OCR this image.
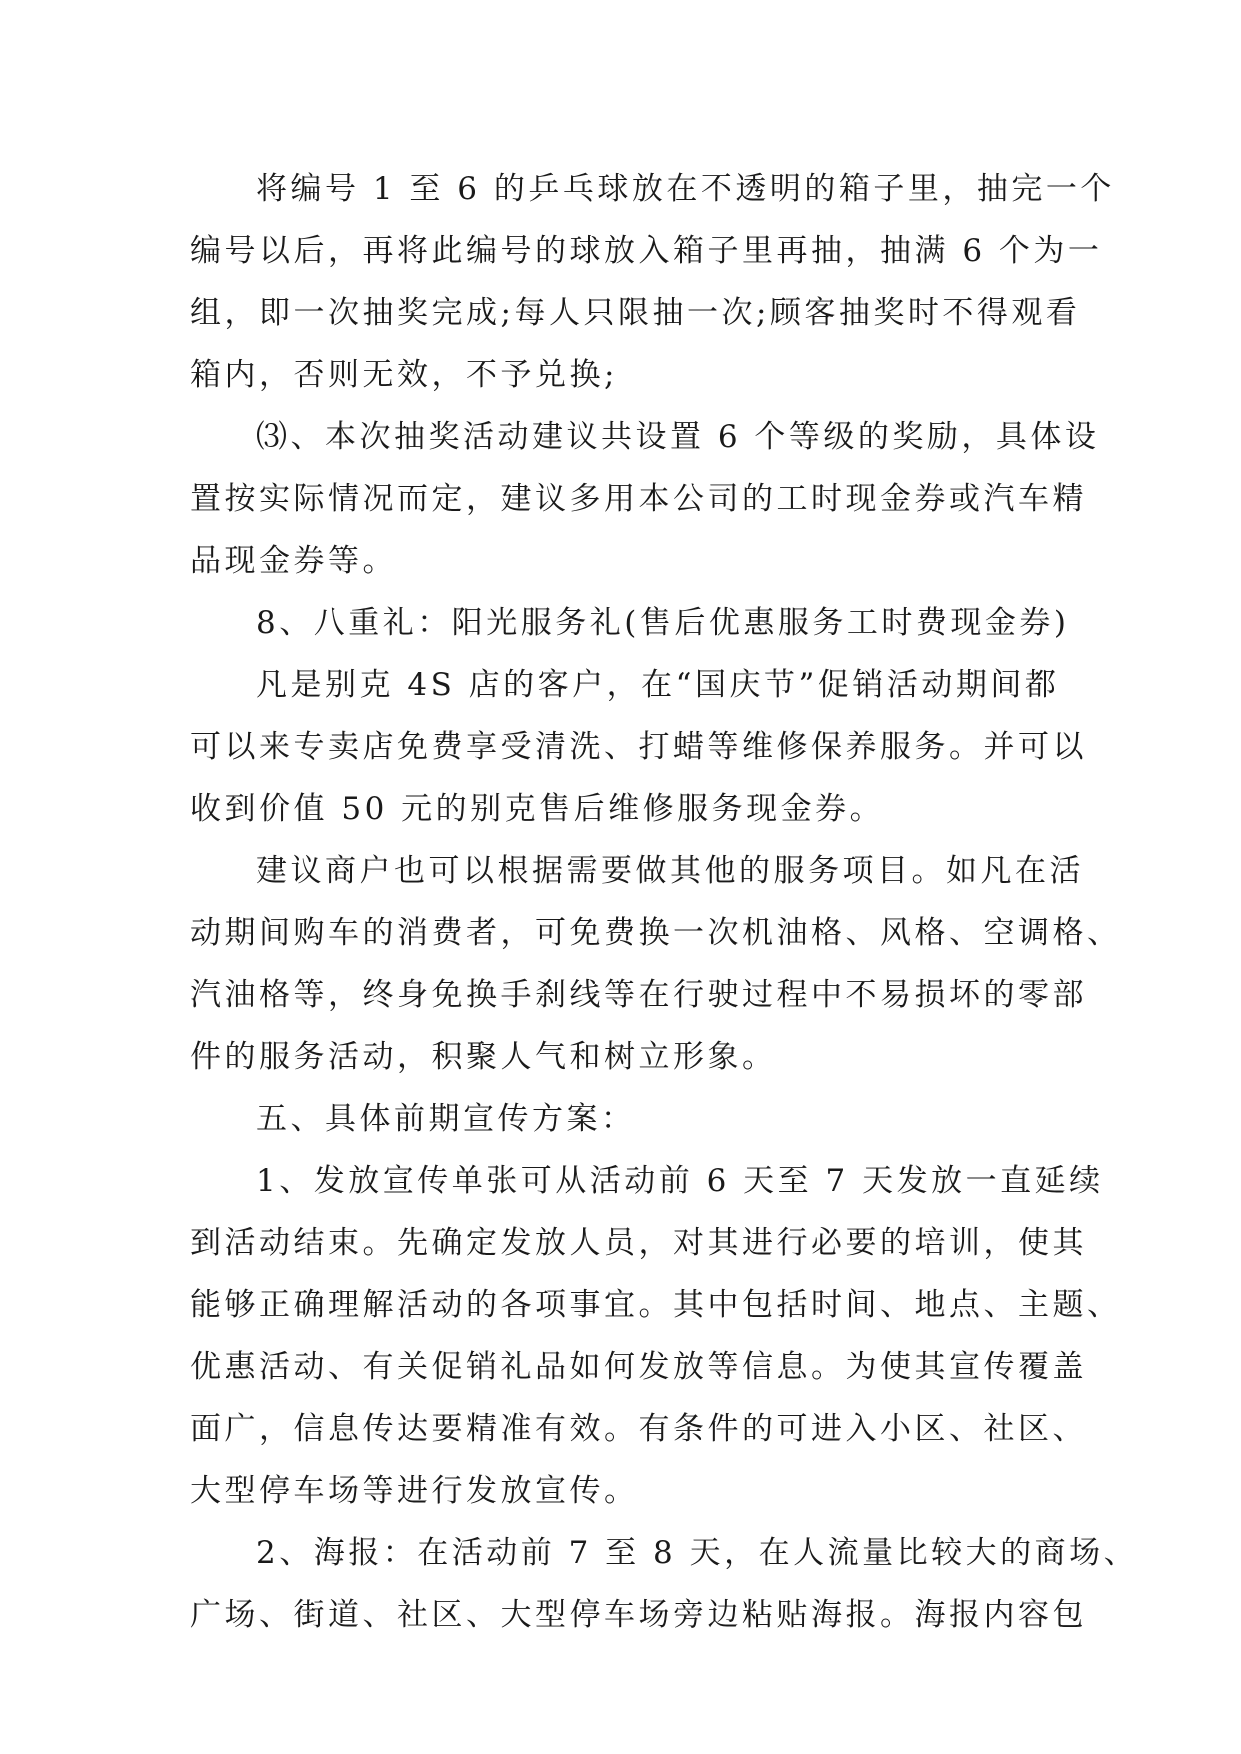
将编号 1 至 6 的乒乓球放在不透明的箱子里，抽完一个
编号以后，再将此编号的球放入箱子里再抽，抽满 6 个为一
组，即一次抽奖完成;每人只限抽一次;顾客抽奖时不得观看
箱内，否则无效，不予兑换;
⑶、本次抽奖活动建议共设置 6 个等级的奖励，具体设
置按实际情况而定，建议多用本公司的工时现金券或汽车精
品现金券等。
8、八重礼：阳光服务礼(售后优惠服务工时费现金券)
凡是别克 4S 店的客户，在“国庆节”促销活动期间都
可以来专卖店免费享受清洗、打蜡等维修保养服务。并可以
收到价值 50 元的别克售后维修服务现金券。
建议商户也可以根据需要做其他的服务项目。如凡在活
动期间购车的消费者，可免费换一次机油格、风格、空调格、
汽油格等，终身免换手刹线等在行驶过程中不易损坏的零部
件的服务活动，积聚人气和树立形象。
五、具体前期宣传方案：
1、发放宣传单张可从活动前 6 天至 7 天发放一直延续
到活动结束。先确定发放人员，对其进行必要的培训，使其
能够正确理解活动的各项事宜。其中包括时间、地点、主题、
优惠活动、有关促销礼品如何发放等信息。为使其宣传覆盖
面广，信息传达要精准有效。有条件的可进入小区、社区、
大型停车场等进行发放宣传。
2、海报：在活动前 7 至 8 天，在人流量比较大的商场、
广场、街道、社区、大型停车场旁边粘贴海报。海报内容包
